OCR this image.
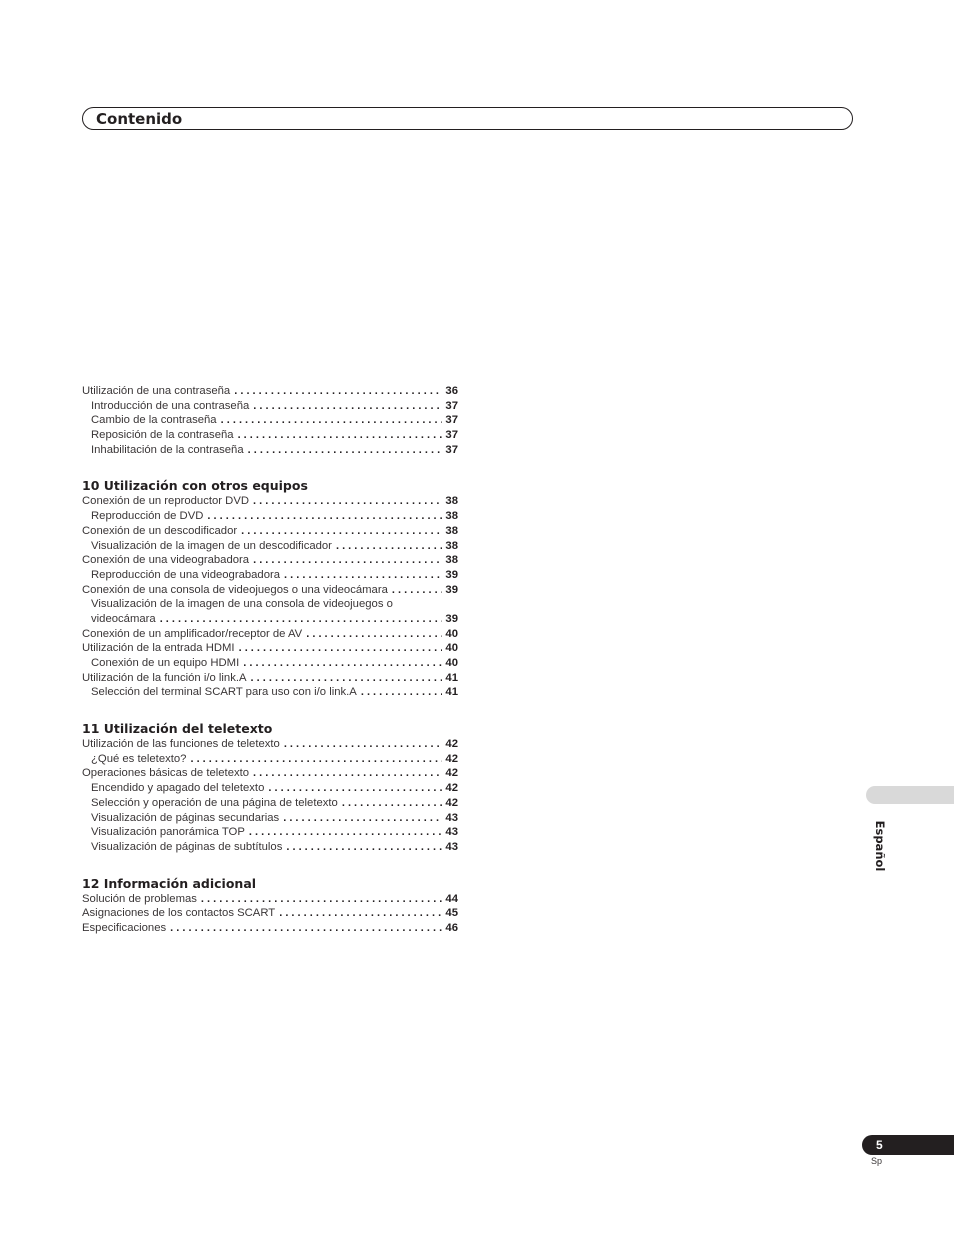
Contenido
Utilización de una contraseña . . .	36
Introducción de una contraseña . . .	37
Cambio de la contraseña . . .	37
Reposición de la contraseña . . .	37
Inhabilitación de la contraseña . . .	37
10 Utilización con otros equipos
Conexión de un reproductor DVD . . .	38
Reproducción de DVD . . .	38
Conexión de un descodificador . . .	38
Visualización de la imagen de un descodificador . . .	38
Conexión de una videograbadora . . .	38
Reproducción de una videograbadora . . .	39
Conexión de una consola de videojuegos o una videocámara . . .	39
Visualización de la imagen de una consola de videojuegos o
videocámara . . .	39
Conexión de un amplificador/receptor de AV . . .	40
Utilización de la entrada HDMI . . .	40
Conexión de un equipo HDMI . . .	40
Utilización de la función i/o link.A . . .	41
Selección del terminal SCART para uso con i/o link.A . . .	41
11 Utilización del teletexto
Utilización de las funciones de teletexto . . .	42
¿Qué es teletexto? . . .	42
Operaciones básicas de teletexto . . .	42
Encendido y apagado del teletexto . . .	42
Selección y operación de una página de teletexto . . .	42
Visualización de páginas secundarias . . .	43
Visualización panorámica TOP . . .	43
Visualización de páginas de subtítulos . . .	43
12 Información adicional
Solución de problemas . . .	44
Asignaciones de los contactos SCART . . .	45
Especificaciones . . .	46
Español
5
Sp
